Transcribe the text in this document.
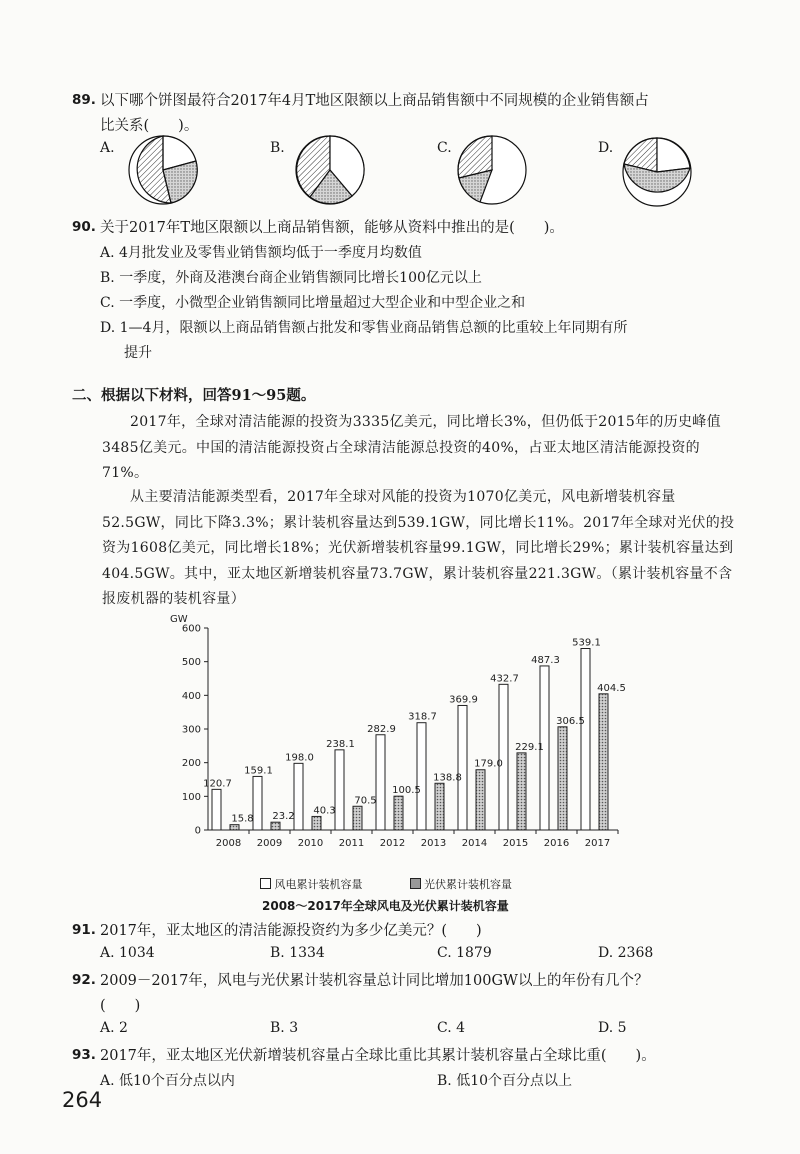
89. 以下哪个饼图最符合2017年4月T地区限额以上商品销售额中不同规模的企业销售额占
比关系(　　)。
A.	B.	C.	D.
90. 关于2017年T地区限额以上商品销售额，能够从资料中推出的是(　　)。
A. 4月批发业及零售业销售额均低于一季度月均数值
B. 一季度，外商及港澳台商企业销售额同比增长100亿元以上
C. 一季度，小微型企业销售额同比增量超过大型企业和中型企业之和
D. 1—4月，限额以上商品销售额占批发和零售业商品销售总额的比重较上年同期有所
提升
二、根据以下材料，回答91～95题。
2017年，全球对清洁能源的投资为3335亿美元，同比增长3%，但仍低于2015年的历史峰值3485亿美元。中国的清洁能源投资占全球清洁能源总投资的40%，占亚太地区清洁能源投资的71%。
从主要清洁能源类型看，2017年全球对风能的投资为1070亿美元，风电新增装机容量52.5GW，同比下降3.3%；累计装机容量达到539.1GW，同比增长11%。2017年全球对光伏的投资为1608亿美元，同比增长18%；光伏新增装机容量99.1GW，同比增长29%；累计装机容量达到404.5GW。其中，亚太地区新增装机容量73.7GW，累计装机容量221.3GW。（累计装机容量不含报废机器的装机容量）
GW
0
100
200
300
400
500
600
2008
120.7
15.8
2009
159.1
23.2
2010
198.0
40.3
2011
238.1
70.5
2012
282.9
100.5
2013
318.7
138.8
2014
369.9
179.0
2015
432.7
229.1
2016
487.3
306.5
2017
539.1
404.5
风电累计装机容量	光伏累计装机容量
2008～2017年全球风电及光伏累计装机容量
91. 2017年，亚太地区的清洁能源投资约为多少亿美元？(　　)
A. 1034	B. 1334	C. 1879	D. 2368
92. 2009－2017年，风电与光伏累计装机容量总计同比增加100GW以上的年份有几个？
(　　)
A. 2	B. 3	C. 4	D. 5
93. 2017年，亚太地区光伏新增装机容量占全球比重比其累计装机容量占全球比重(　　)。
A. 低10个百分点以内	B. 低10个百分点以上
264
